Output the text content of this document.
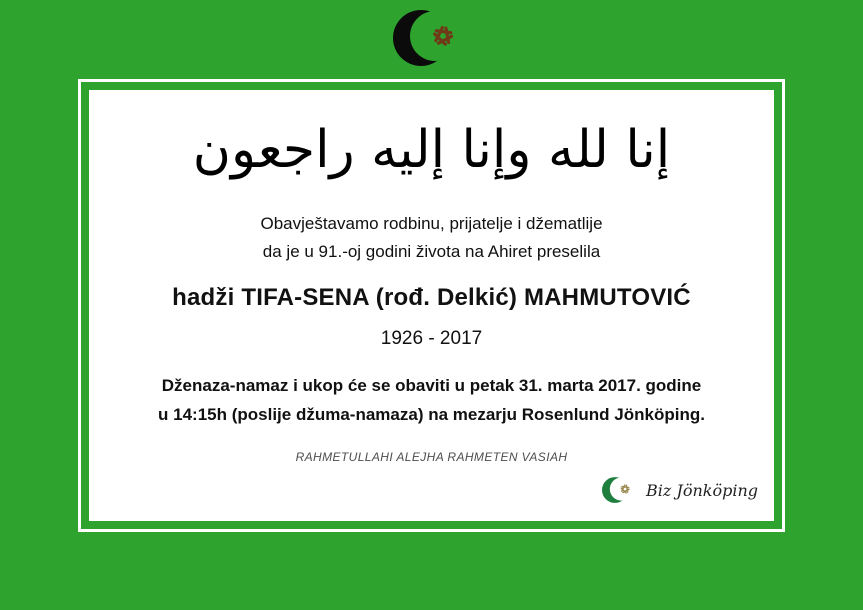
إنا لله وإنا إليه راجعون
Obavještavamo rodbinu, prijatelje i džematlije
da je u 91.-oj godini života na Ahiret preselila
hadži TIFA-SENA (rođ. Delkić) MAHMUTOVIĆ
1926 - 2017
Dženaza-namaz i ukop će se obaviti u petak 31. marta 2017. godine
u 14:15h (poslije džuma-namaza) na mezarju Rosenlund Jönköping.
RAHMETULLAHI ALEJHA RAHMETEN VASIAH
Biz Jönköping
